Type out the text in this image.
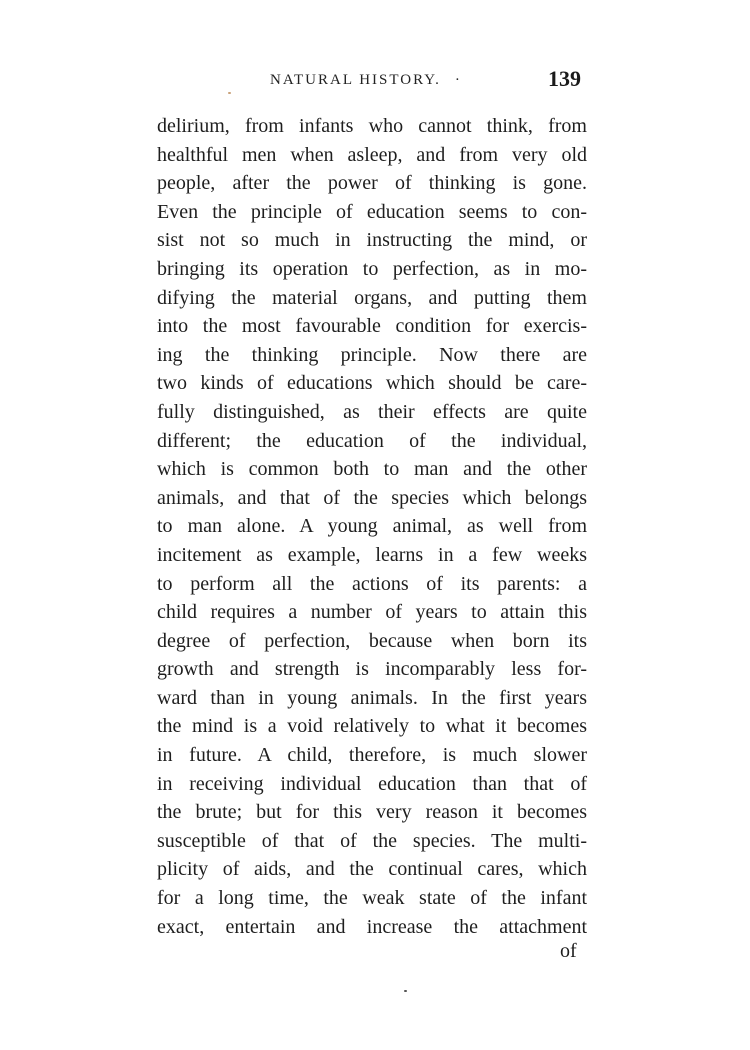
NATURAL HISTORY. ·	139
delirium, from infants who cannot think, from
healthful men when asleep, and from very old
people, after the power of thinking is gone.
Even the principle of education seems to con-
sist not so much in instructing the mind, or
bringing its operation to perfection, as in mo-
difying the material organs, and putting them
into the most favourable condition for exercis-
ing the thinking principle. Now there are
two kinds of educations which should be care-
fully distinguished, as their effects are quite
different; the education of the individual,
which is common both to man and the other
animals, and that of the species which belongs
to man alone. A young animal, as well from
incitement as example, learns in a few weeks
to perform all the actions of its parents: a
child requires a number of years to attain this
degree of perfection, because when born its
growth and strength is incomparably less for-
ward than in young animals. In the first years
the mind is a void relatively to what it becomes
in future. A child, therefore, is much slower
in receiving individual education than that of
the brute; but for this very reason it becomes
susceptible of that of the species. The multi-
plicity of aids, and the continual cares, which
for a long time, the weak state of the infant
exact, entertain and increase the attachment
of
